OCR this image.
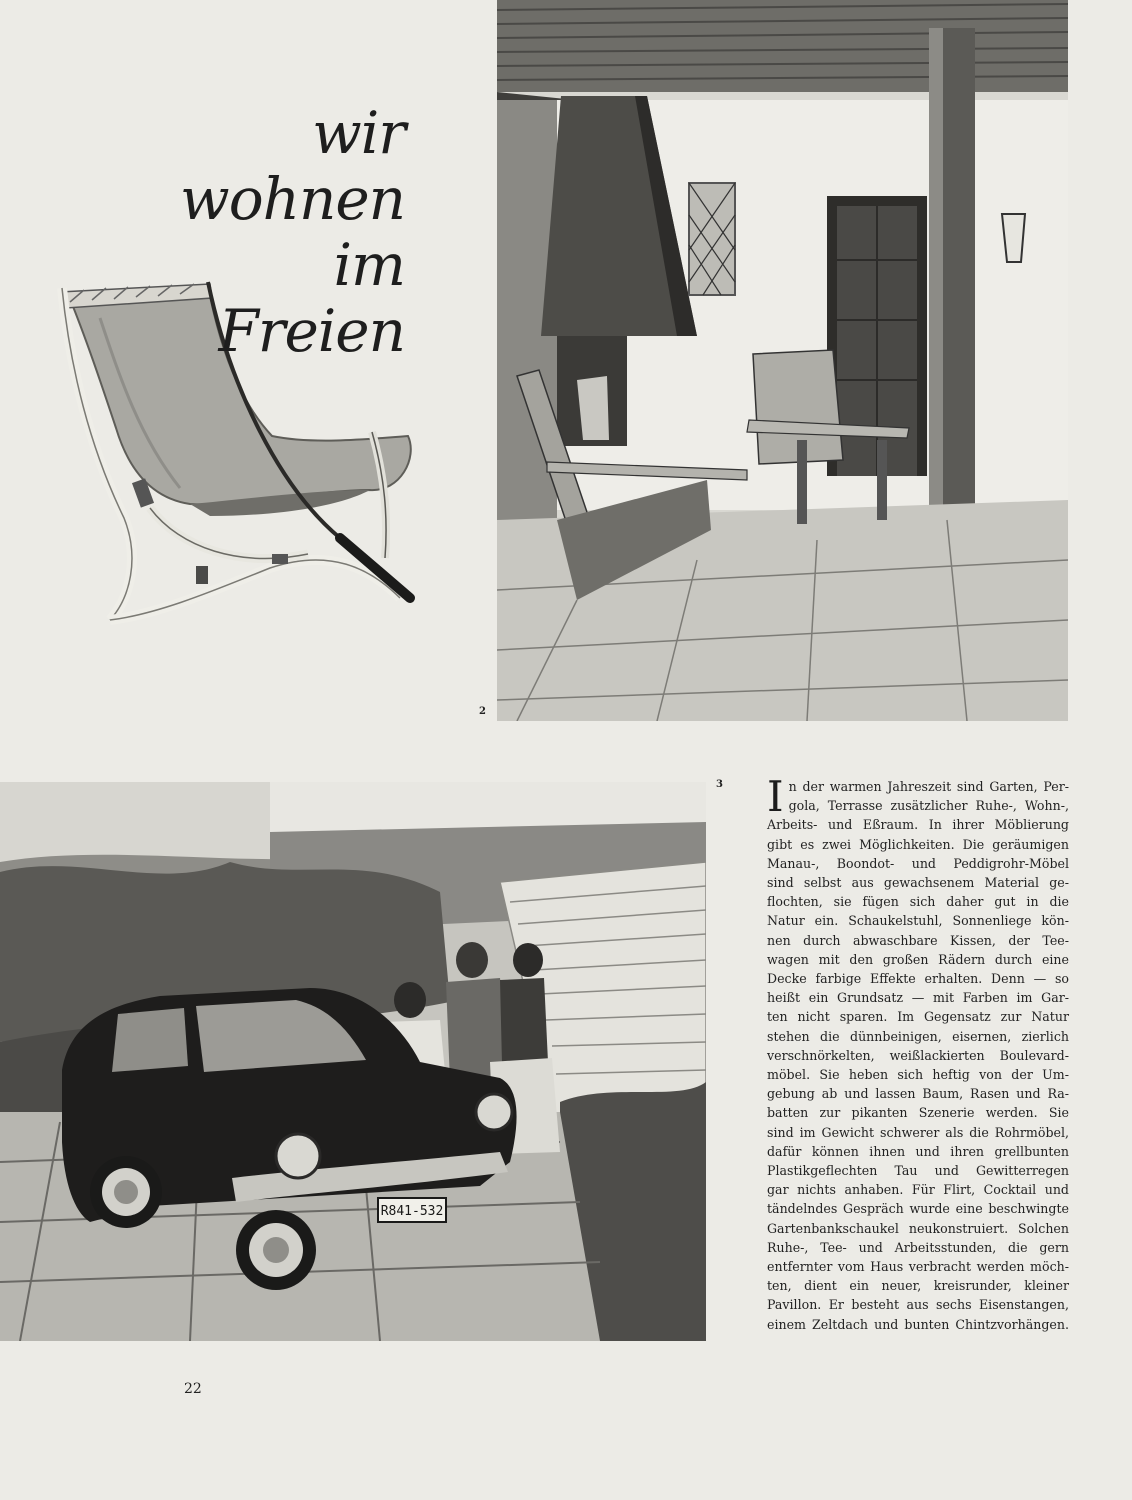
wir
wohnen
im
Freien
2
R841-532
3 I n der warmen Jahreszeit sind Garten, Per-
gola, Terrasse zusätzlicher Ruhe-, Wohn-,
Arbeits- und Eßraum. In ihrer Möblierung
gibt es zwei Möglichkeiten. Die geräumigen
Manau-, Boondot- und Peddigrohr-Möbel
sind selbst aus gewachsenem Material ge-
flochten, sie fügen sich daher gut in die
Natur ein. Schaukelstuhl, Sonnenliege kön-
nen durch abwaschbare Kissen, der Tee-
wagen mit den großen Rädern durch eine
Decke farbige Effekte erhalten. Denn — so
heißt ein Grundsatz — mit Farben im Gar-
ten nicht sparen. Im Gegensatz zur Natur
stehen die dünnbeinigen, eisernen, zierlich
verschnörkelten, weißlackierten Boulevard-
möbel. Sie heben sich heftig von der Um-
gebung ab und lassen Baum, Rasen und Ra-
batten zur pikanten Szenerie werden. Sie
sind im Gewicht schwerer als die Rohrmöbel,
dafür können ihnen und ihren grellbunten
Plastikgeflechten Tau und Gewitterregen
gar nichts anhaben. Für Flirt, Cocktail und
tändelndes Gespräch wurde eine beschwingte
Gartenbankschaukel neukonstruiert. Solchen
Ruhe-, Tee- und Arbeitsstunden, die gern
entfernter vom Haus verbracht werden möch-
ten, dient ein neuer, kreisrunder, kleiner
Pavillon. Er besteht aus sechs Eisenstangen,
einem Zeltdach und bunten Chintzvorhängen.
22
